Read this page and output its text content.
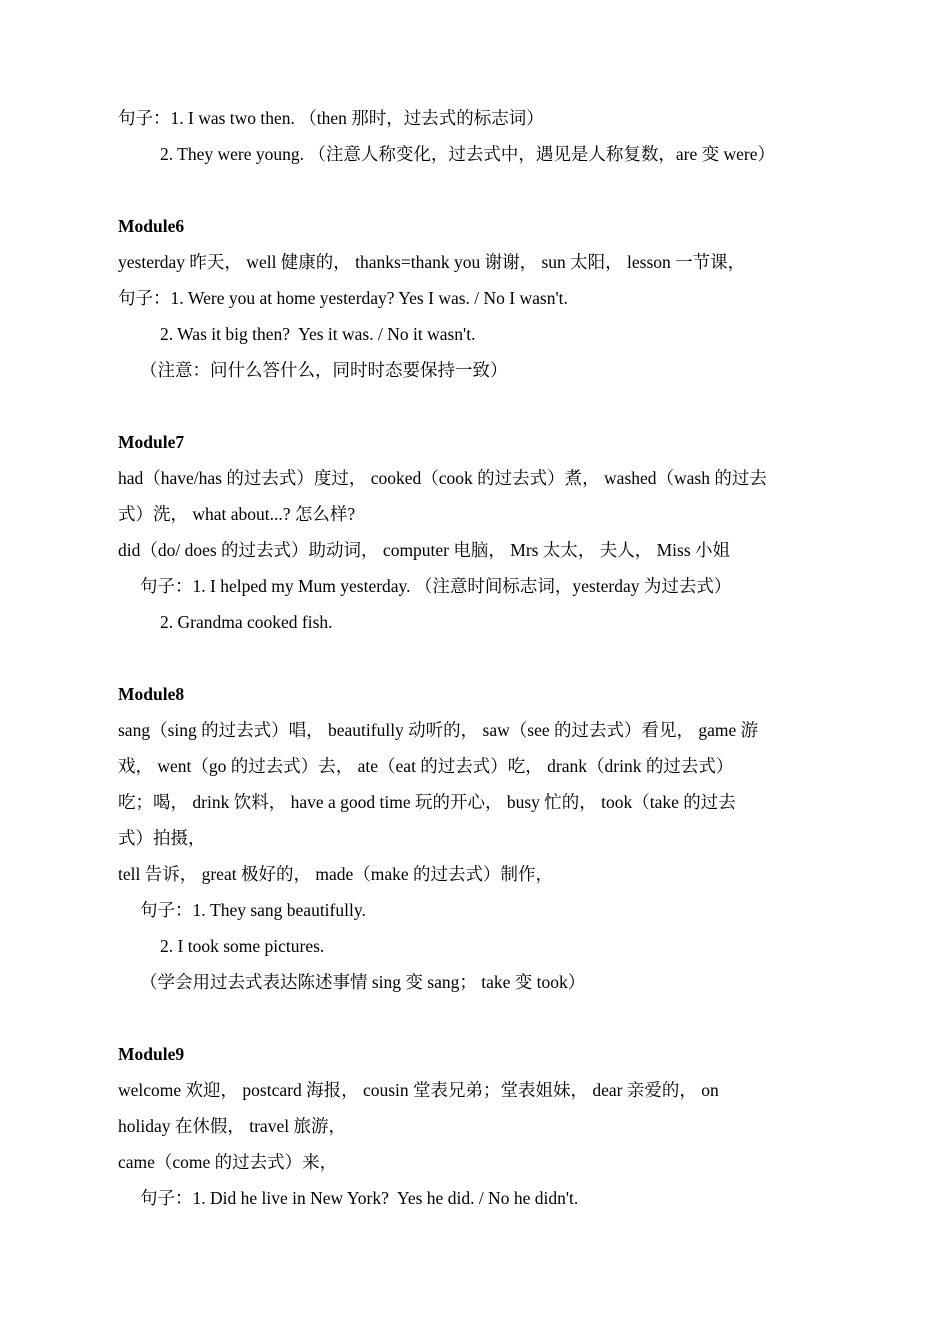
句子：1. I was two then. （then 那时，过去式的标志词）

2. They were young. （注意人称变化，过去式中，遇见是人称复数，are 变 were）

Module6

yesterday 昨天， well 健康的， thanks=thank you 谢谢， sun 太阳， lesson 一节课，

句子：1. Were you at home yesterday? Yes I was. / No I wasn't.

2. Was it big then?  Yes it was. / No it wasn't.

（注意：问什么答什么，同时时态要保持一致）

Module7

had（have/has 的过去式）度过， cooked（cook 的过去式）煮， washed（wash 的过去

式）洗， what about...? 怎么样?

did（do/ does 的过去式）助动词， computer 电脑， Mrs 太太， 夫人， Miss 小姐

句子：1. I helped my Mum yesterday. （注意时间标志词，yesterday 为过去式）

2. Grandma cooked fish.

Module8

sang（sing 的过去式）唱， beautifully 动听的， saw（see 的过去式）看见， game 游

戏， went（go 的过去式）去， ate（eat 的过去式）吃， drank（drink 的过去式）

吃；喝， drink 饮料， have a good time 玩的开心， busy 忙的， took（take 的过去

式）拍摄，

tell 告诉， great 极好的， made（make 的过去式）制作，

句子：1. They sang beautifully.

2. I took some pictures.

（学会用过去式表达陈述事情 sing 变 sang； take 变 took）

Module9

welcome 欢迎， postcard 海报， cousin 堂表兄弟；堂表姐妹， dear 亲爱的， on

holiday 在休假， travel 旅游，

came（come 的过去式）来，

句子：1. Did he live in New York?  Yes he did. / No he didn't.
